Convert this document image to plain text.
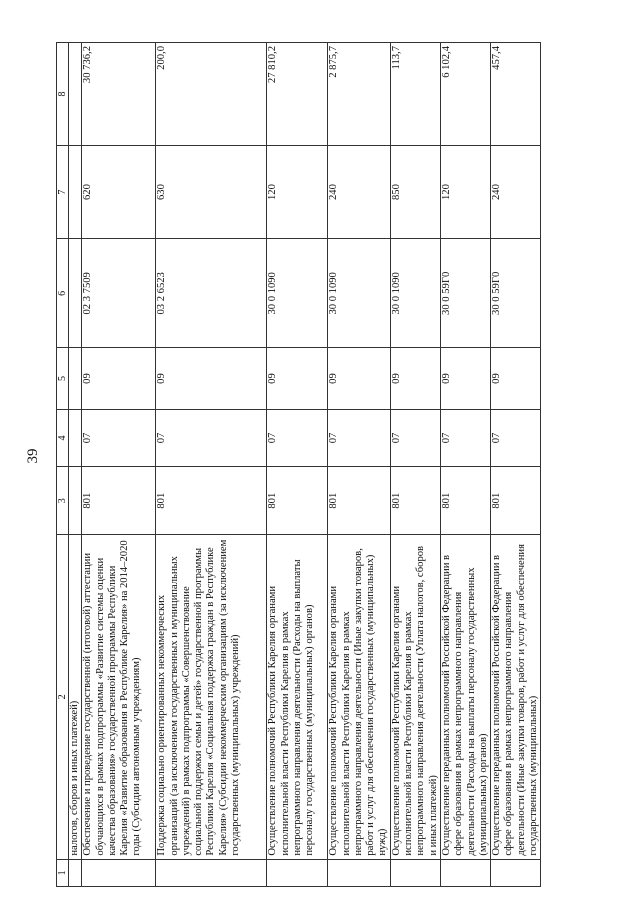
39
1	2	3	4	5	6	7	8
	налогов, сборов и иных платежей)						
	Обеспечение и проведение государственной (итоговой) аттестации обучающихся в рамках подпрограммы «Развитие системы оценки качества образования» государственной программы Республики Карелия «Развитие образования в Республике Карелия» на 2014–2020 годы (Субсидии автономным учреждениям)	801	07	09	02 3 7509	620	30 736,2
	Поддержка социально ориентированных некоммерческих организаций (за исключением государственных и муниципальных учреждений) в рамках подпрограммы «Совершенствование социальной поддержки семьи и детей» государственной программы Республики Карелия «Социальная поддержка граждан в Республике Карелия» (Субсидии некоммерческим организациям (за исключением государственных (муниципальных) учреждений)	801	07	09	03 2 6523	630	200,0
	Осуществление полномочий Республики Карелия органами исполнительной власти Республики Карелия в рамках непрограммного направления деятельности (Расходы на выплаты персоналу государственных (муниципальных) органов)	801	07	09	30 0 1090	120	27 810,2
	Осуществление полномочий Республики Карелия органами исполнительной власти Республики Карелия в рамках непрограммного направления деятельности (Иные закупки товаров, работ и услуг для обеспечения государственных (муниципальных) нужд)	801	07	09	30 0 1090	240	2 875,7
	Осуществление полномочий Республики Карелия органами исполнительной власти Республики Карелия в рамках непрограммного направления деятельности (Уплата налогов, сборов и иных платежей)	801	07	09	30 0 1090	850	113,7
	Осуществление переданных полномочий Российской Федерации в сфере образования в рамках непрограммного направления деятельности (Расходы на выплаты персоналу государственных (муниципальных) органов)	801	07	09	30 0 59Г0	120	6 102,4
	Осуществление переданных полномочий Российской Федерации в сфере образования в рамках непрограммного направления деятельности (Иные закупки товаров, работ и услуг для обеспечения государственных (муниципальных)	801	07	09	30 0 59Г0	240	457,4
